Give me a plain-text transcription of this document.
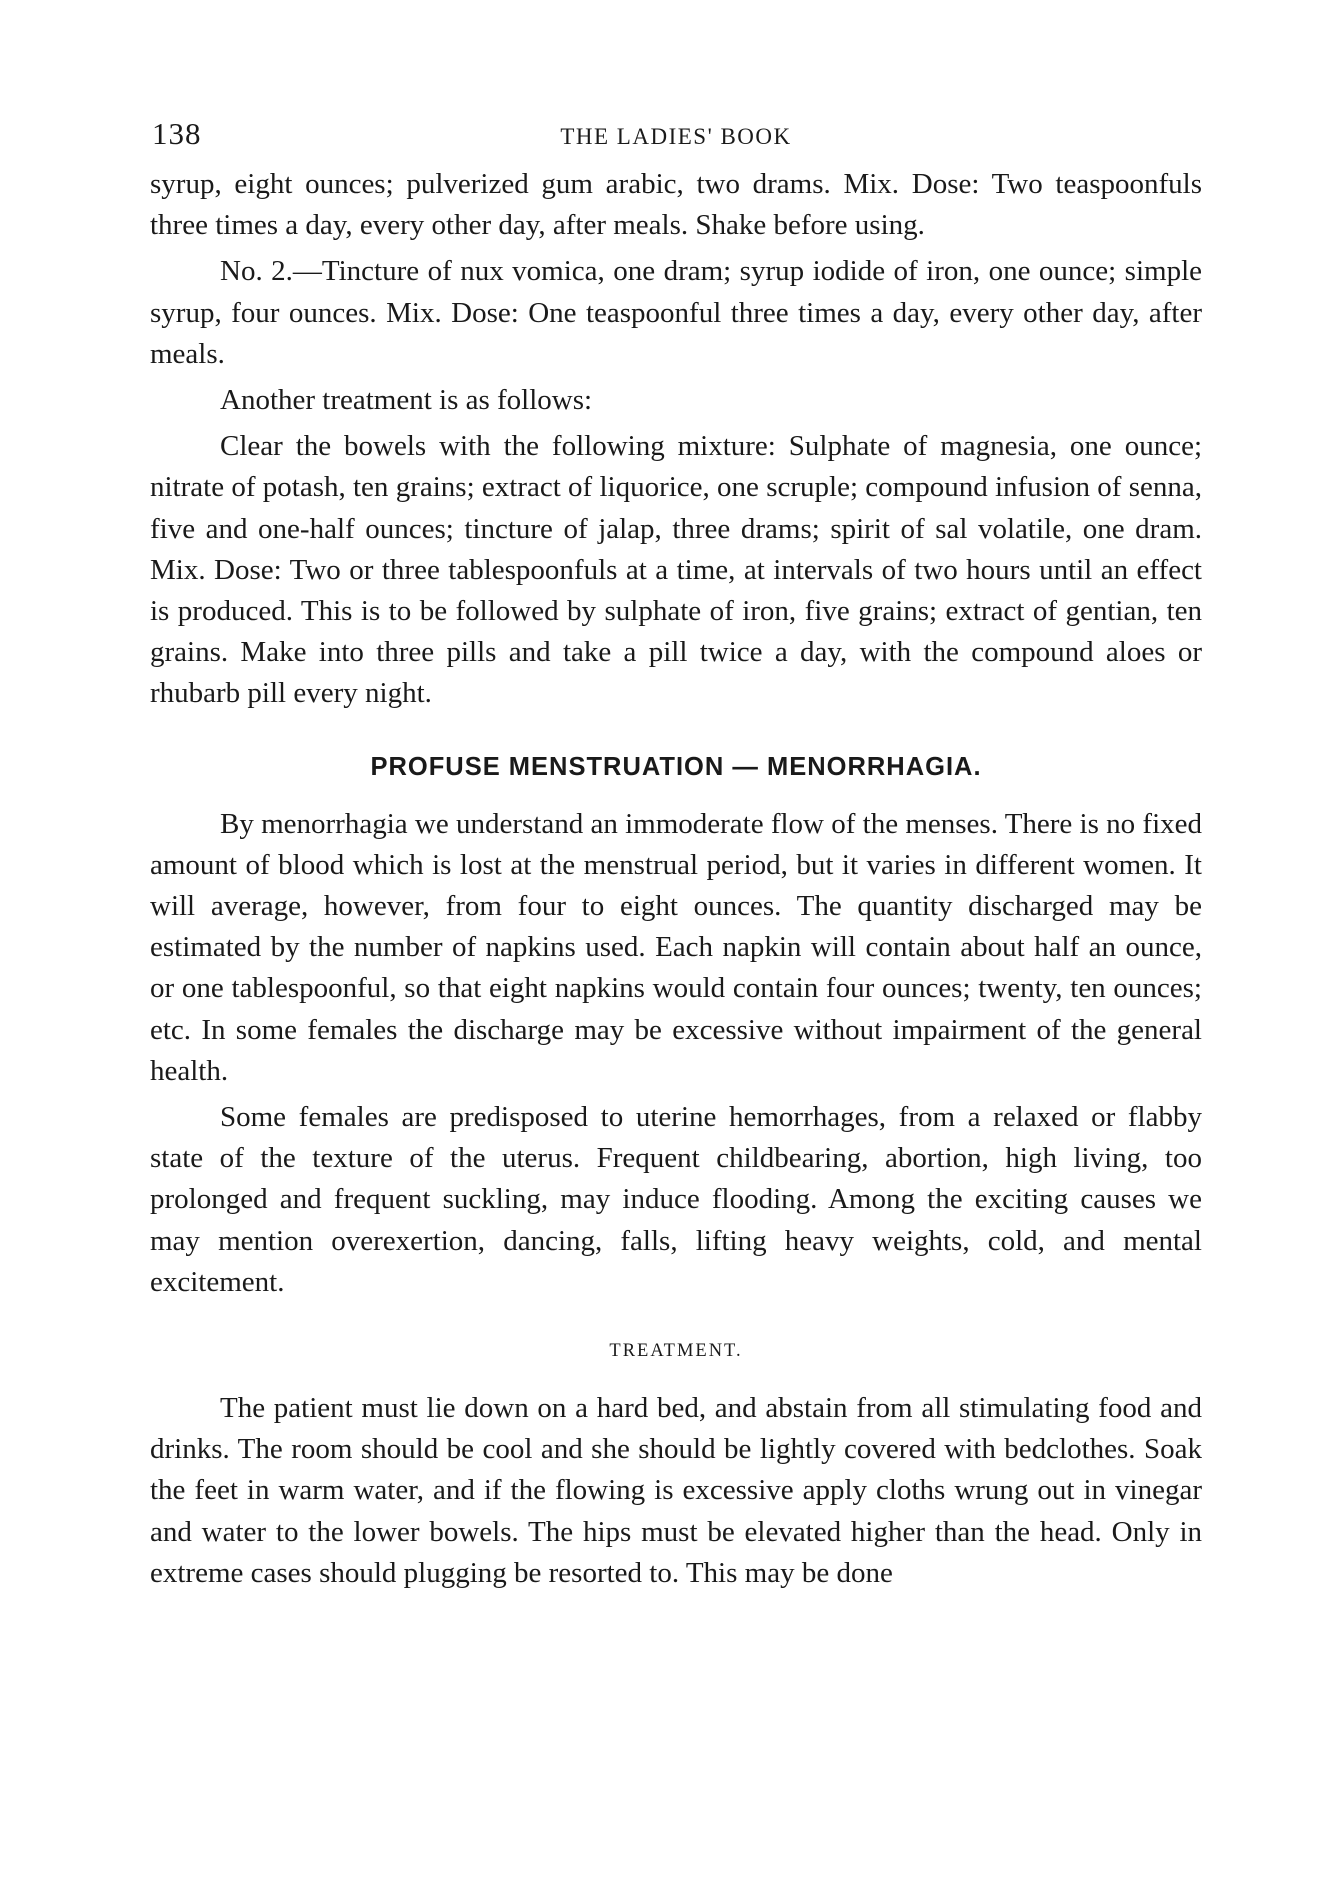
138	THE LADIES' BOOK

syrup, eight ounces; pulverized gum arabic, two drams. Mix. Dose: Two teaspoonfuls three times a day, every other day, after meals. Shake before using.

No. 2.—Tincture of nux vomica, one dram; syrup iodide of iron, one ounce; simple syrup, four ounces. Mix. Dose: One teaspoonful three times a day, every other day, after meals.

Another treatment is as follows:

Clear the bowels with the following mixture: Sulphate of magnesia, one ounce; nitrate of potash, ten grains; extract of liquorice, one scruple; compound infusion of senna, five and one-half ounces; tincture of jalap, three drams; spirit of sal volatile, one dram. Mix. Dose: Two or three tablespoonfuls at a time, at intervals of two hours until an effect is produced. This is to be followed by sulphate of iron, five grains; extract of gentian, ten grains. Make into three pills and take a pill twice a day, with the compound aloes or rhubarb pill every night.

PROFUSE MENSTRUATION — MENORRHAGIA.

By menorrhagia we understand an immoderate flow of the menses. There is no fixed amount of blood which is lost at the menstrual period, but it varies in different women. It will average, however, from four to eight ounces. The quantity discharged may be estimated by the number of napkins used. Each napkin will contain about half an ounce, or one tablespoonful, so that eight napkins would contain four ounces; twenty, ten ounces; etc. In some females the discharge may be excessive without impairment of the general health.

Some females are predisposed to uterine hemorrhages, from a relaxed or flabby state of the texture of the uterus. Frequent childbearing, abortion, high living, too prolonged and frequent suckling, may induce flooding. Among the exciting causes we may mention overexertion, dancing, falls, lifting heavy weights, cold, and mental excitement.

TREATMENT.

The patient must lie down on a hard bed, and abstain from all stimulating food and drinks. The room should be cool and she should be lightly covered with bedclothes. Soak the feet in warm water, and if the flowing is excessive apply cloths wrung out in vinegar and water to the lower bowels. The hips must be elevated higher than the head. Only in extreme cases should plugging be resorted to. This may be done
